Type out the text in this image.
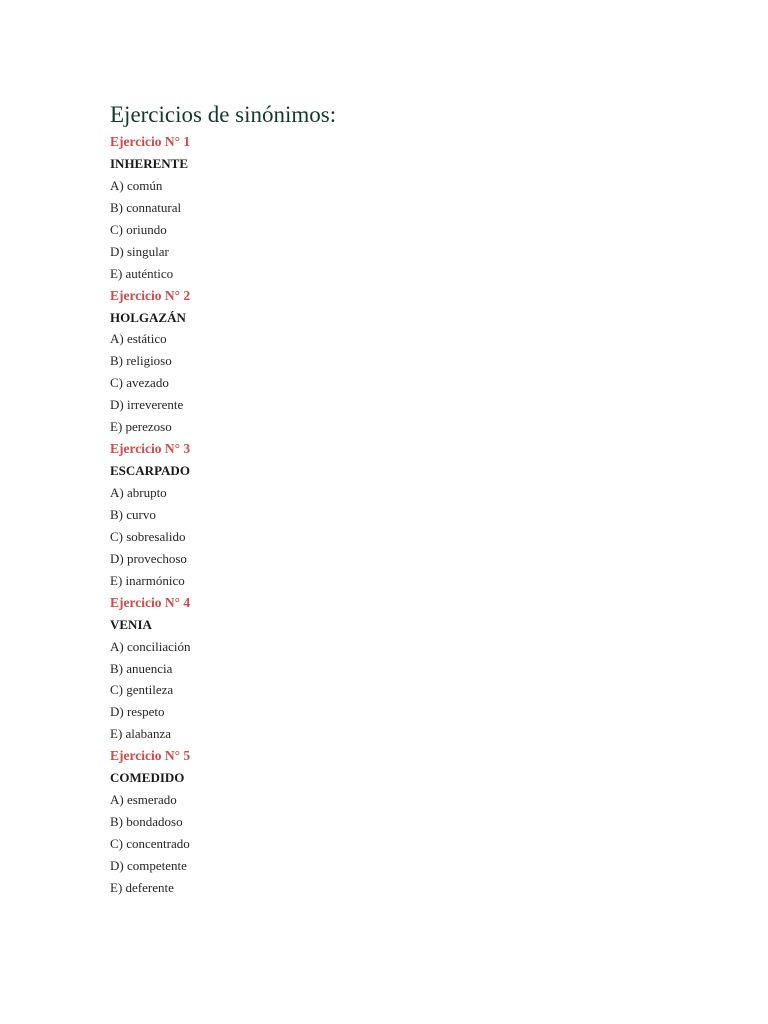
Ejercicios de sinónimos:
Ejercicio N° 1
INHERENTE
A) común
B) connatural
C) oriundo
D) singular
E) auténtico
Ejercicio N° 2
HOLGAZÁN
A) estático
B) religioso
C) avezado
D) irreverente
E) perezoso
Ejercicio N° 3
ESCARPADO
A) abrupto
B) curvo
C) sobresalido
D) provechoso
E) inarmónico
Ejercicio N° 4
VENIA
A) conciliación
B) anuencia
C) gentileza
D) respeto
E) alabanza
Ejercicio N° 5
COMEDIDO
A) esmerado
B) bondadoso
C) concentrado
D) competente
E) deferente
